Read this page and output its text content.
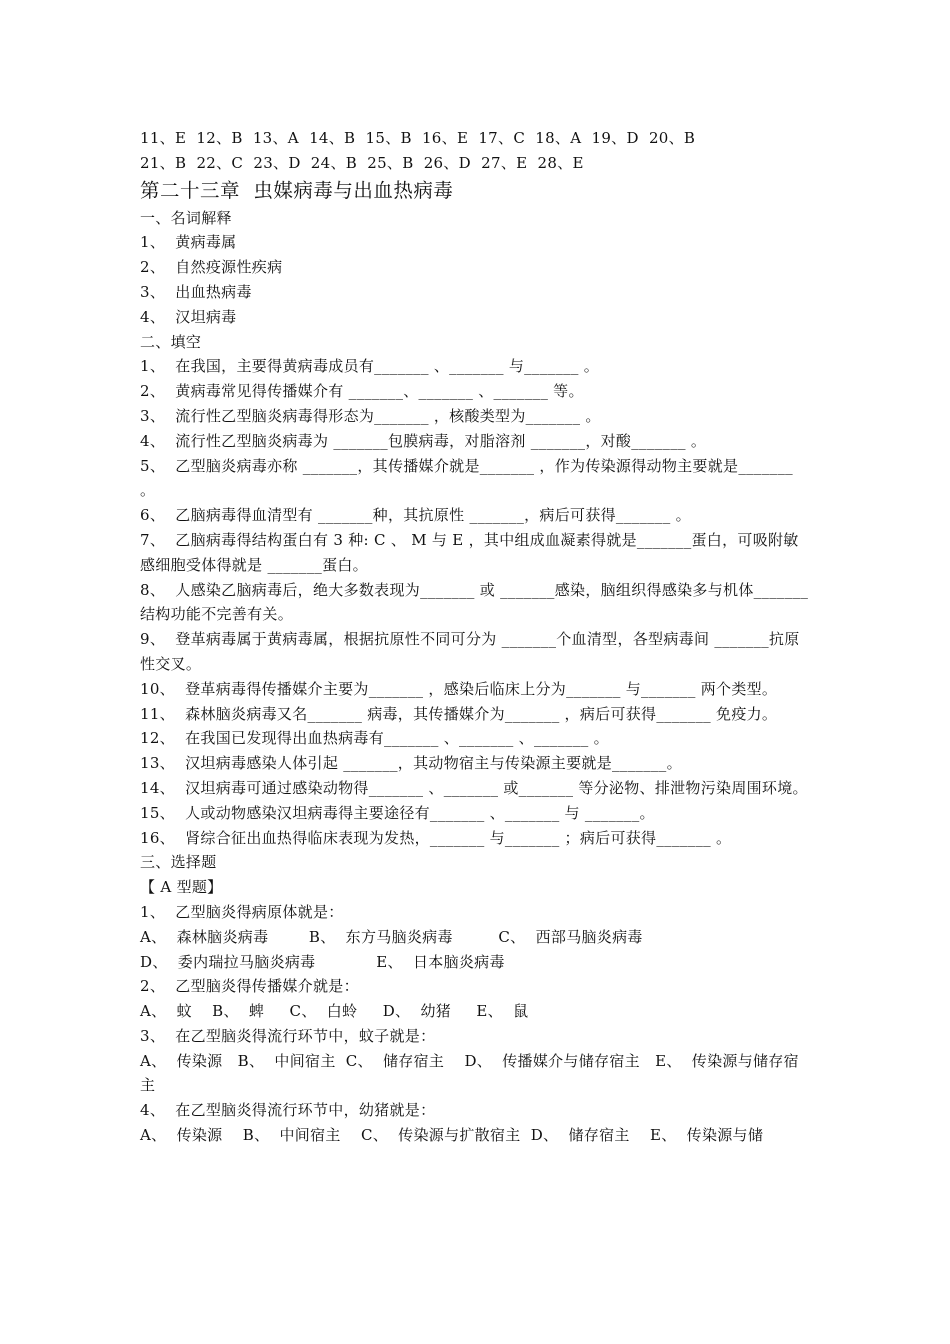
11、E  12、B  13、A  14、B  15、B  16、E  17、C  18、A  19、D  20、B
21、B  22、C  23、D  24、B  25、B  26、D  27、E  28、E
第二十三章  虫媒病毒与出血热病毒
一、名词解释
1、  黄病毒属
2、  自然疫源性疾病
3、  出血热病毒
4、  汉坦病毒
二、填空
1、  在我国，主要得黄病毒成员有_______ 、_______ 与_______ 。
2、  黄病毒常见得传播媒介有 _______、_______ 、_______ 等。
3、  流行性乙型脑炎病毒得形态为_______ ，核酸类型为_______ 。
4、  流行性乙型脑炎病毒为 _______包膜病毒，对脂溶剂 _______，对酸_______ 。
5、  乙型脑炎病毒亦称 _______，其传播媒介就是_______ ，作为传染源得动物主要就是_______ 。
6、  乙脑病毒得血清型有 _______种，其抗原性 _______，病后可获得_______ 。
7、  乙脑病毒得结构蛋白有 3 种: C 、 M 与 E ，其中组成血凝素得就是_______蛋白，可吸附敏感细胞受体得就是 _______蛋白。
8、  人感染乙脑病毒后，绝大多数表现为_______ 或 _______感染，脑组织得感染多与机体_______ 结构功能不完善有关。
9、  登革病毒属于黄病毒属，根据抗原性不同可分为 _______个血清型，各型病毒间 _______抗原性交叉。
10、  登革病毒得传播媒介主要为_______ ，感染后临床上分为_______ 与_______ 两个类型。
11、  森林脑炎病毒又名_______ 病毒，其传播媒介为_______ ，病后可获得_______ 免疫力。
12、  在我国已发现得出血热病毒有_______ 、_______ 、_______ 。
13、  汉坦病毒感染人体引起 _______，其动物宿主与传染源主要就是_______。
14、  汉坦病毒可通过感染动物得_______ 、_______ 或_______ 等分泌物、排泄物污染周围环境。
15、  人或动物感染汉坦病毒得主要途径有_______ 、_______ 与 _______。
16、  肾综合征出血热得临床表现为发热，_______ 与_______ ；病后可获得_______ 。
三、选择题
【 A 型题】
1、  乙型脑炎得病原体就是：
A、  森林脑炎病毒        B、  东方马脑炎病毒         C、  西部马脑炎病毒
D、  委内瑞拉马脑炎病毒            E、  日本脑炎病毒
2、  乙型脑炎得传播媒介就是：
A、  蚊    B、  蜱     C、  白蛉     D、  幼猪     E、  鼠
3、  在乙型脑炎得流行环节中，蚊子就是：
A、  传染源   B、  中间宿主  C、  储存宿主    D、  传播媒介与储存宿主   E、  传染源与储存宿主
4、  在乙型脑炎得流行环节中，幼猪就是：
A、  传染源    B、  中间宿主    C、  传染源与扩散宿主  D、  储存宿主    E、  传染源与储
